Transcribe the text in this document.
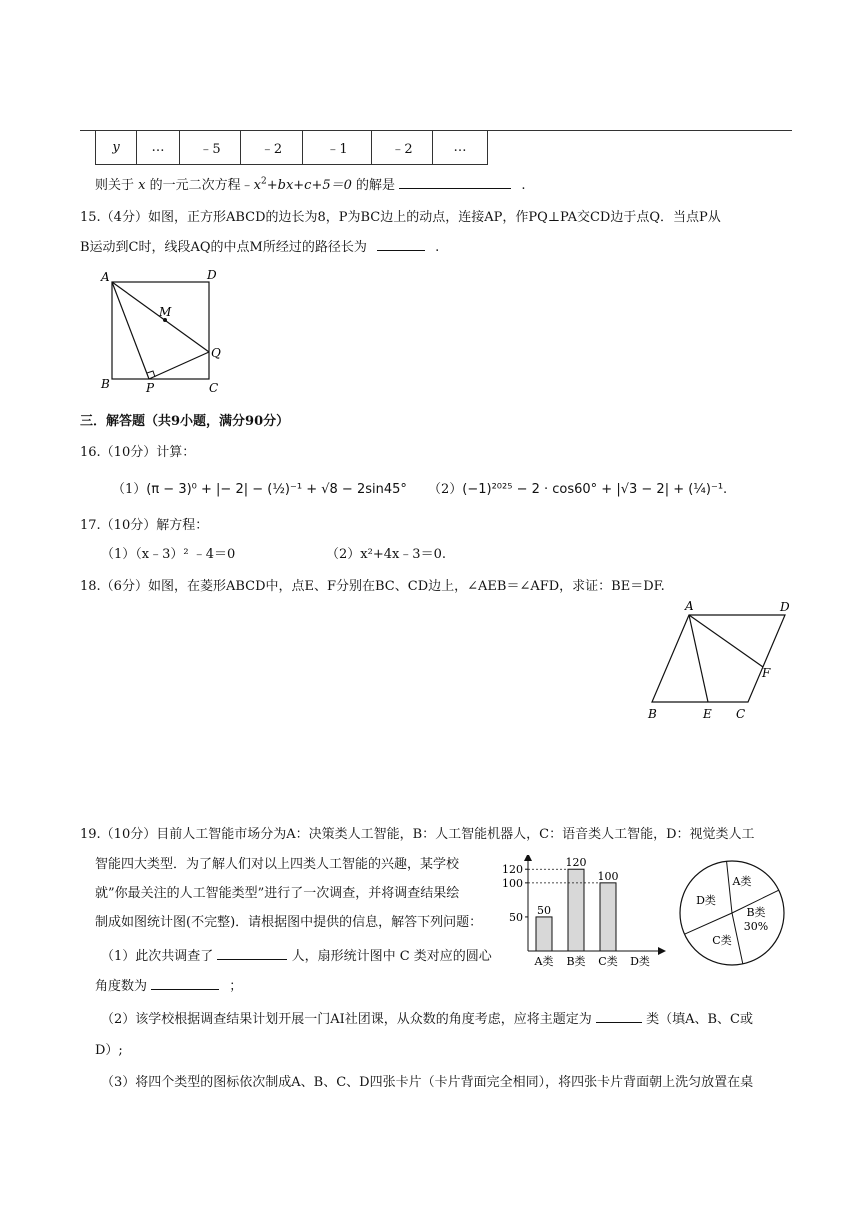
y	…	﹣5	﹣2	﹣1	﹣2	…
则关于 x 的一元二次方程$﹣x^2+bx+c+5=0$ 的解是	.
15.（4分）如图，正方形ABCD的边长为8，P为BC边上的动点，连接AP，作PQ⊥PA交CD边于点Q．当点P从
B运动到C时，线段AQ的中点M所经过的路径长为	.
A	D
M
Q
B	P	C
三．解答题（共9小题，满分90分）
16.（10分）计算：
（1）(π − 3)⁰ + |− 2| − (½)⁻¹ + √8 − 2sin45° （2）(−1)²⁰²⁵ − 2 · cos60° + |√3 − 2| + (¼)⁻¹.
17.（10分）解方程：
（1）（x﹣3）² ﹣4＝0	（2）x²+4x﹣3＝0.
18.（6分）如图，在菱形ABCD中，点E、F分别在BC、CD边上，∠AEB＝∠AFD，求证：BE＝DF.
A	D
F
B	E C
19.（10分）目前人工智能市场分为A：决策类人工智能，B：人工智能机器人，C：语音类人工智能，D：视觉类人工
智能四大类型．为了解人们对以上四类人工智能的兴趣，某学校
就”你最关注的人工智能类型”进行了一次调查，并将调查结果绘
制成如图统计图(不完整)．请根据图中提供的信息，解答下列问题：
（1）此次共调查了	人，扇形统计图中 C 类对应的圆心
角度数为	；
（2）该学校根据调查结果计划开展一门AI社团课，从众数的角度考虑，应将主题定为	类（填A、B、C或
D）;
（3）将四个类型的图标依次制成A、B、C、D四张卡片（卡片背面完全相同），将四张卡片背面朝上洗匀放置在桌
50
100
120
50
A类
120
B类
100
C类 D类
A类
B类
C类
D类
30%
